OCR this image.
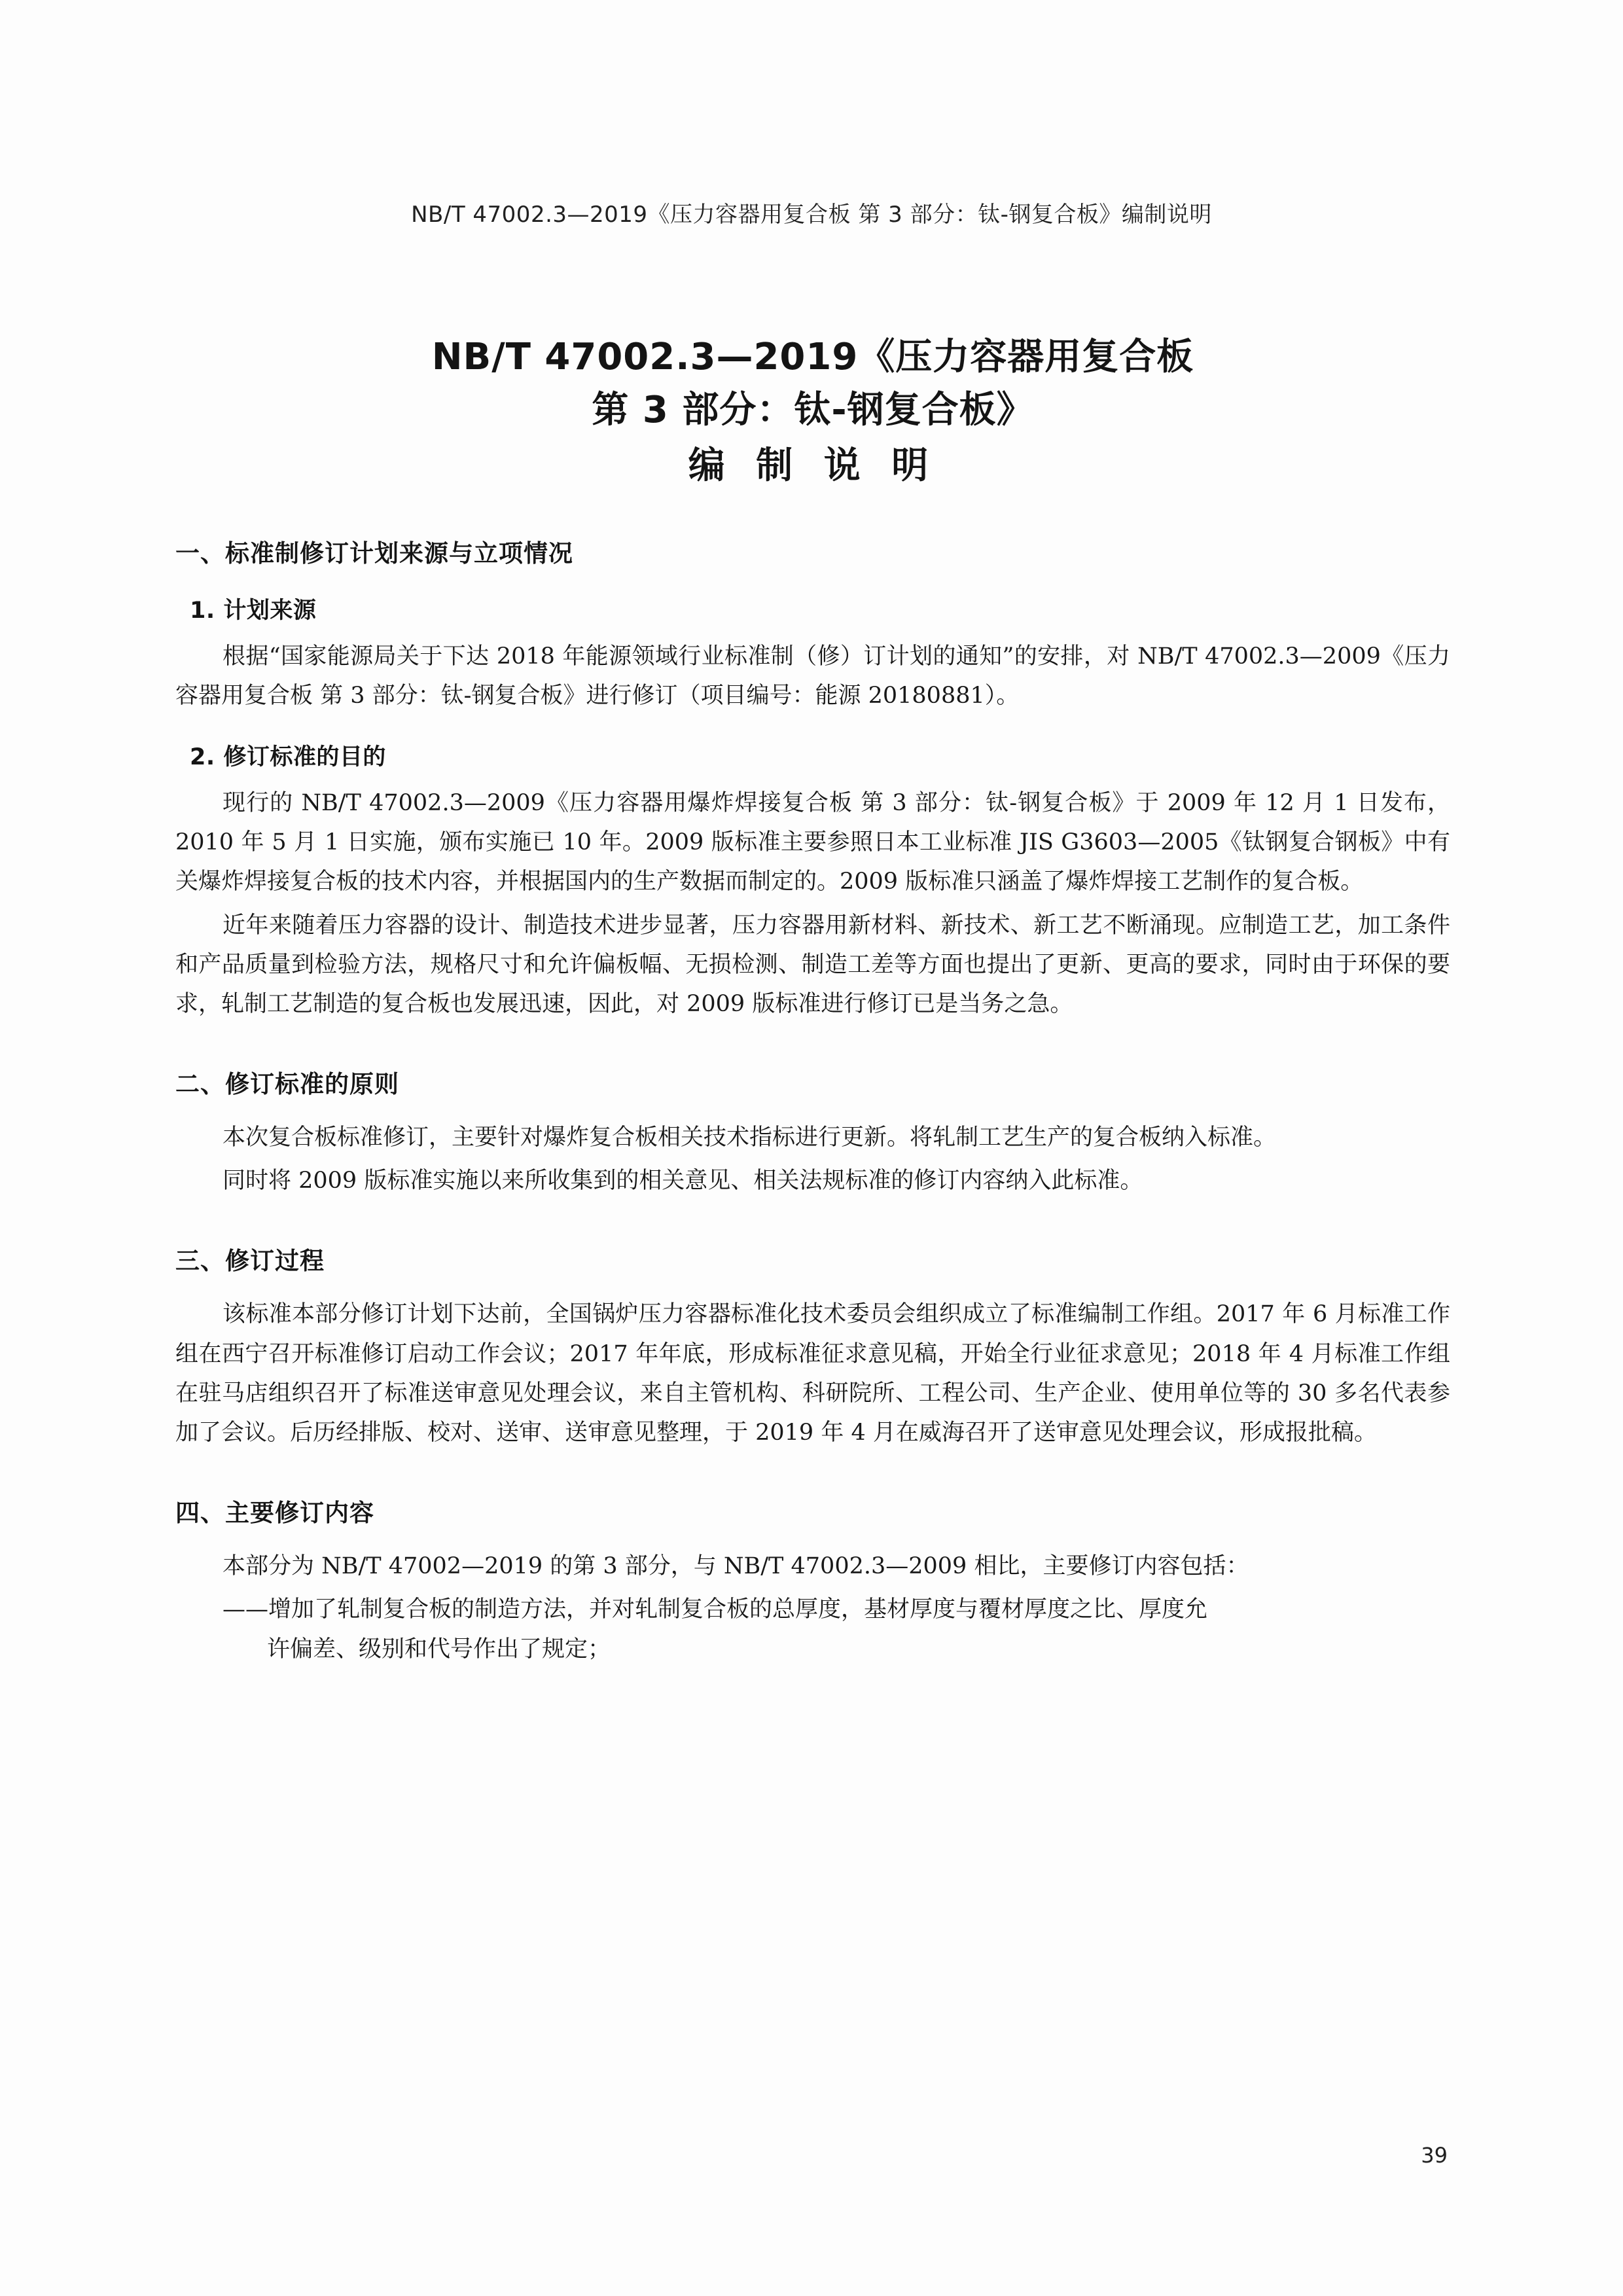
NB/T 47002.3—2019《压力容器用复合板 第 3 部分：钛-钢复合板》编制说明
NB/T 47002.3—2019《压力容器用复合板
第 3 部分：钛-钢复合板》
编 制 说 明
一、标准制修订计划来源与立项情况
1. 计划来源

根据“国家能源局关于下达 2018 年能源领域行业标准制（修）订计划的通知”的安排，对 NB/T 47002.3—2009《压力容器用复合板 第 3 部分：钛-钢复合板》进行修订（项目编号：能源 20180881）。

2. 修订标准的目的

现行的 NB/T 47002.3—2009《压力容器用爆炸焊接复合板 第 3 部分：钛-钢复合板》于 2009 年 12 月 1 日发布，2010 年 5 月 1 日实施，颁布实施已 10 年。2009 版标准主要参照日本工业标准 JIS G3603—2005《钛钢复合钢板》中有关爆炸焊接复合板的技术内容，并根据国内的生产数据而制定的。2009 版标准只涵盖了爆炸焊接工艺制作的复合板。

近年来随着压力容器的设计、制造技术进步显著，压力容器用新材料、新技术、新工艺不断涌现。应制造工艺，加工条件和产品质量到检验方法，规格尺寸和允许偏板幅、无损检测、制造工差等方面也提出了更新、更高的要求，同时由于环保的要求，轧制工艺制造的复合板也发展迅速，因此，对 2009 版标准进行修订已是当务之急。

二、修订标准的原则

本次复合板标准修订，主要针对爆炸复合板相关技术指标进行更新。将轧制工艺生产的复合板纳入标准。

同时将 2009 版标准实施以来所收集到的相关意见、相关法规标准的修订内容纳入此标准。

三、修订过程

该标准本部分修订计划下达前，全国锅炉压力容器标准化技术委员会组织成立了标准编制工作组。2017 年 6 月标准工作组在西宁召开标准修订启动工作会议；2017 年年底，形成标准征求意见稿，开始全行业征求意见；2018 年 4 月标准工作组在驻马店组织召开了标准送审意见处理会议，来自主管机构、科研院所、工程公司、生产企业、使用单位等的 30 多名代表参加了会议。后历经排版、校对、送审、送审意见整理，于 2019 年 4 月在威海召开了送审意见处理会议，形成报批稿。

四、主要修订内容

本部分为 NB/T 47002—2019 的第 3 部分，与 NB/T 47002.3—2009 相比，主要修订内容包括：

——增加了轧制复合板的制造方法，并对轧制复合板的总厚度，基材厚度与覆材厚度之比、厚度允

许偏差、级别和代号作出了规定；

39
